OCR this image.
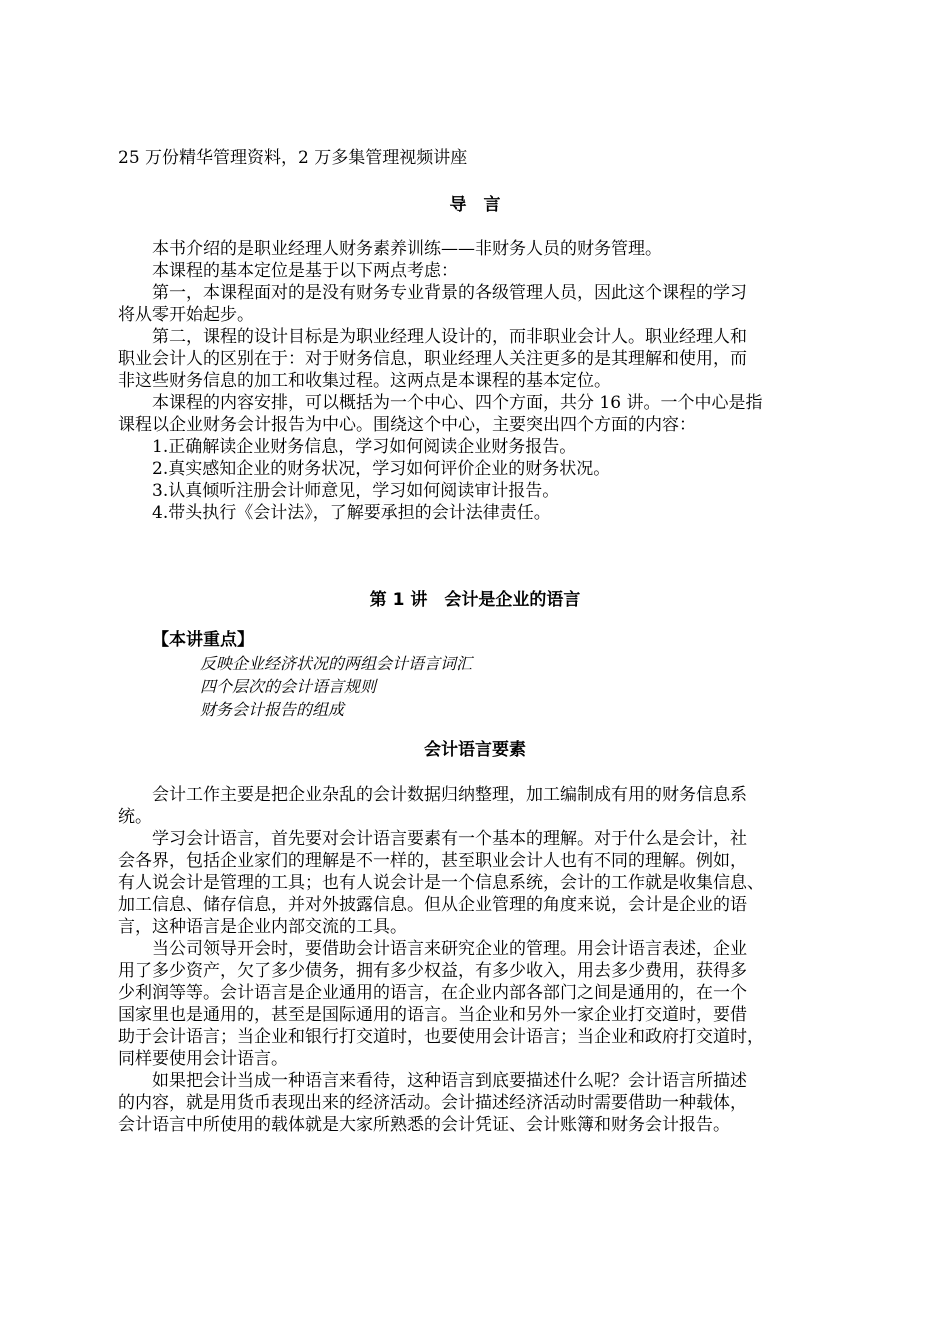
25 万份精华管理资料，2 万多集管理视频讲座
导　言
本书介绍的是职业经理人财务素养训练——非财务人员的财务管理。
本课程的基本定位是基于以下两点考虑：
第一，本课程面对的是没有财务专业背景的各级管理人员，因此这个课程的学习
将从零开始起步。
第二，课程的设计目标是为职业经理人设计的，而非职业会计人。职业经理人和
职业会计人的区别在于：对于财务信息，职业经理人关注更多的是其理解和使用，而
非这些财务信息的加工和收集过程。这两点是本课程的基本定位。
本课程的内容安排，可以概括为一个中心、四个方面，共分 16 讲。一个中心是指
课程以企业财务会计报告为中心。围绕这个中心，主要突出四个方面的内容：
1.正确解读企业财务信息，学习如何阅读企业财务报告。
2.真实感知企业的财务状况，学习如何评价企业的财务状况。
3.认真倾听注册会计师意见，学习如何阅读审计报告。
4.带头执行《会计法》，了解要承担的会计法律责任。
第 1 讲　会计是企业的语言
【本讲重点】
反映企业经济状况的两组会计语言词汇
四个层次的会计语言规则
财务会计报告的组成
会计语言要素
会计工作主要是把企业杂乱的会计数据归纳整理，加工编制成有用的财务信息系
统。
学习会计语言，首先要对会计语言要素有一个基本的理解。对于什么是会计，社
会各界，包括企业家们的理解是不一样的，甚至职业会计人也有不同的理解。例如，
有人说会计是管理的工具；也有人说会计是一个信息系统，会计的工作就是收集信息、
加工信息、储存信息，并对外披露信息。但从企业管理的角度来说，会计是企业的语
言，这种语言是企业内部交流的工具。
当公司领导开会时，要借助会计语言来研究企业的管理。用会计语言表述，企业
用了多少资产，欠了多少债务，拥有多少权益，有多少收入，用去多少费用，获得多
少利润等等。会计语言是企业通用的语言，在企业内部各部门之间是通用的，在一个
国家里也是通用的，甚至是国际通用的语言。当企业和另外一家企业打交道时，要借
助于会计语言；当企业和银行打交道时，也要使用会计语言；当企业和政府打交道时，
同样要使用会计语言。
如果把会计当成一种语言来看待，这种语言到底要描述什么呢？会计语言所描述
的内容，就是用货币表现出来的经济活动。会计描述经济活动时需要借助一种载体，
会计语言中所使用的载体就是大家所熟悉的会计凭证、会计账簿和财务会计报告。
